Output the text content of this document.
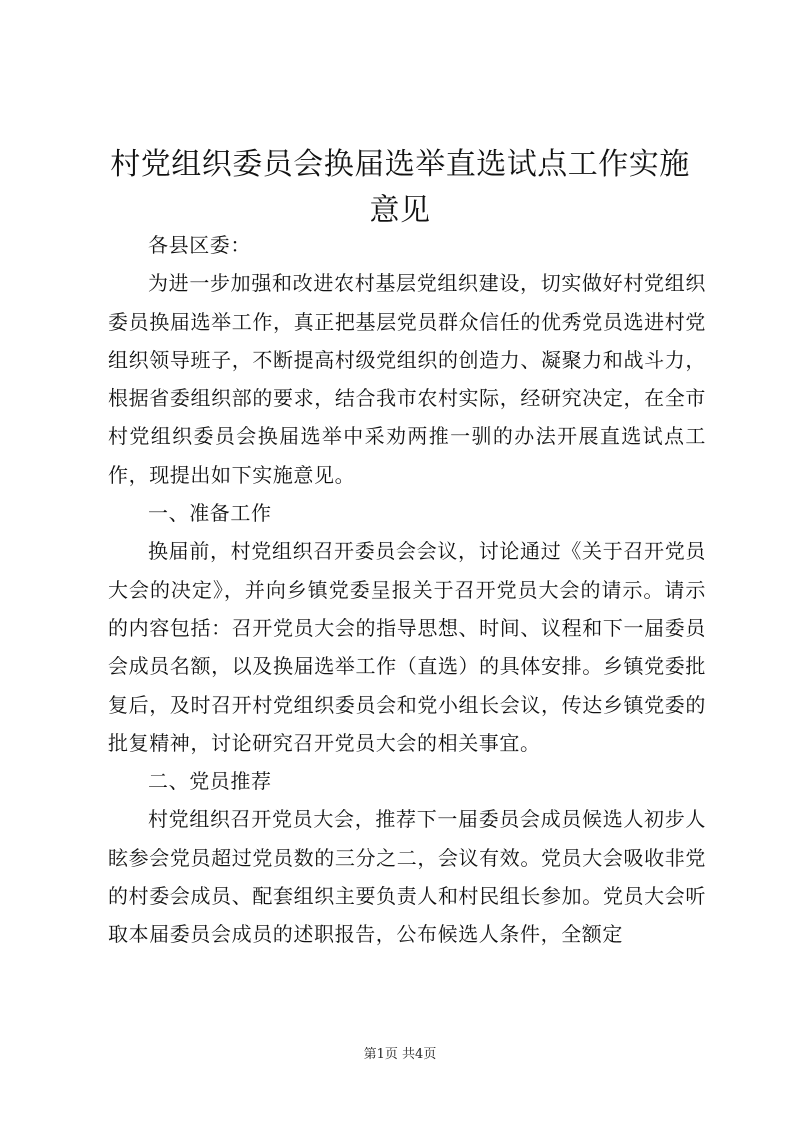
村党组织委员会换届选举直选试点工作实施意见

各县区委：

为进一步加强和改进农村基层党组织建设，切实做好村党组织委员换届选举工作，真正把基层党员群众信任的优秀党员选进村党组织领导班子，不断提高村级党组织的创造力、凝聚力和战斗力，根据省委组织部的要求，结合我市农村实际，经研究决定，在全市村党组织委员会换届选举中采劝两推一驯的办法开展直选试点工作，现提出如下实施意见。

一、准备工作

换届前，村党组织召开委员会会议，讨论通过《关于召开党员大会的决定》，并向乡镇党委呈报关于召开党员大会的请示。请示的内容包括：召开党员大会的指导思想、时间、议程和下一届委员会成员名额，以及换届选举工作（直选）的具体安排。乡镇党委批复后，及时召开村党组织委员会和党小组长会议，传达乡镇党委的批复精神，讨论研究召开党员大会的相关事宜。

二、党员推荐

村党组织召开党员大会，推荐下一届委员会成员候选人初步人眩参会党员超过党员数的三分之二，会议有效。党员大会吸收非党的村委会成员、配套组织主要负责人和村民组长参加。党员大会听取本届委员会成员的述职报告，公布候选人条件，全额定

第1页 共4页
